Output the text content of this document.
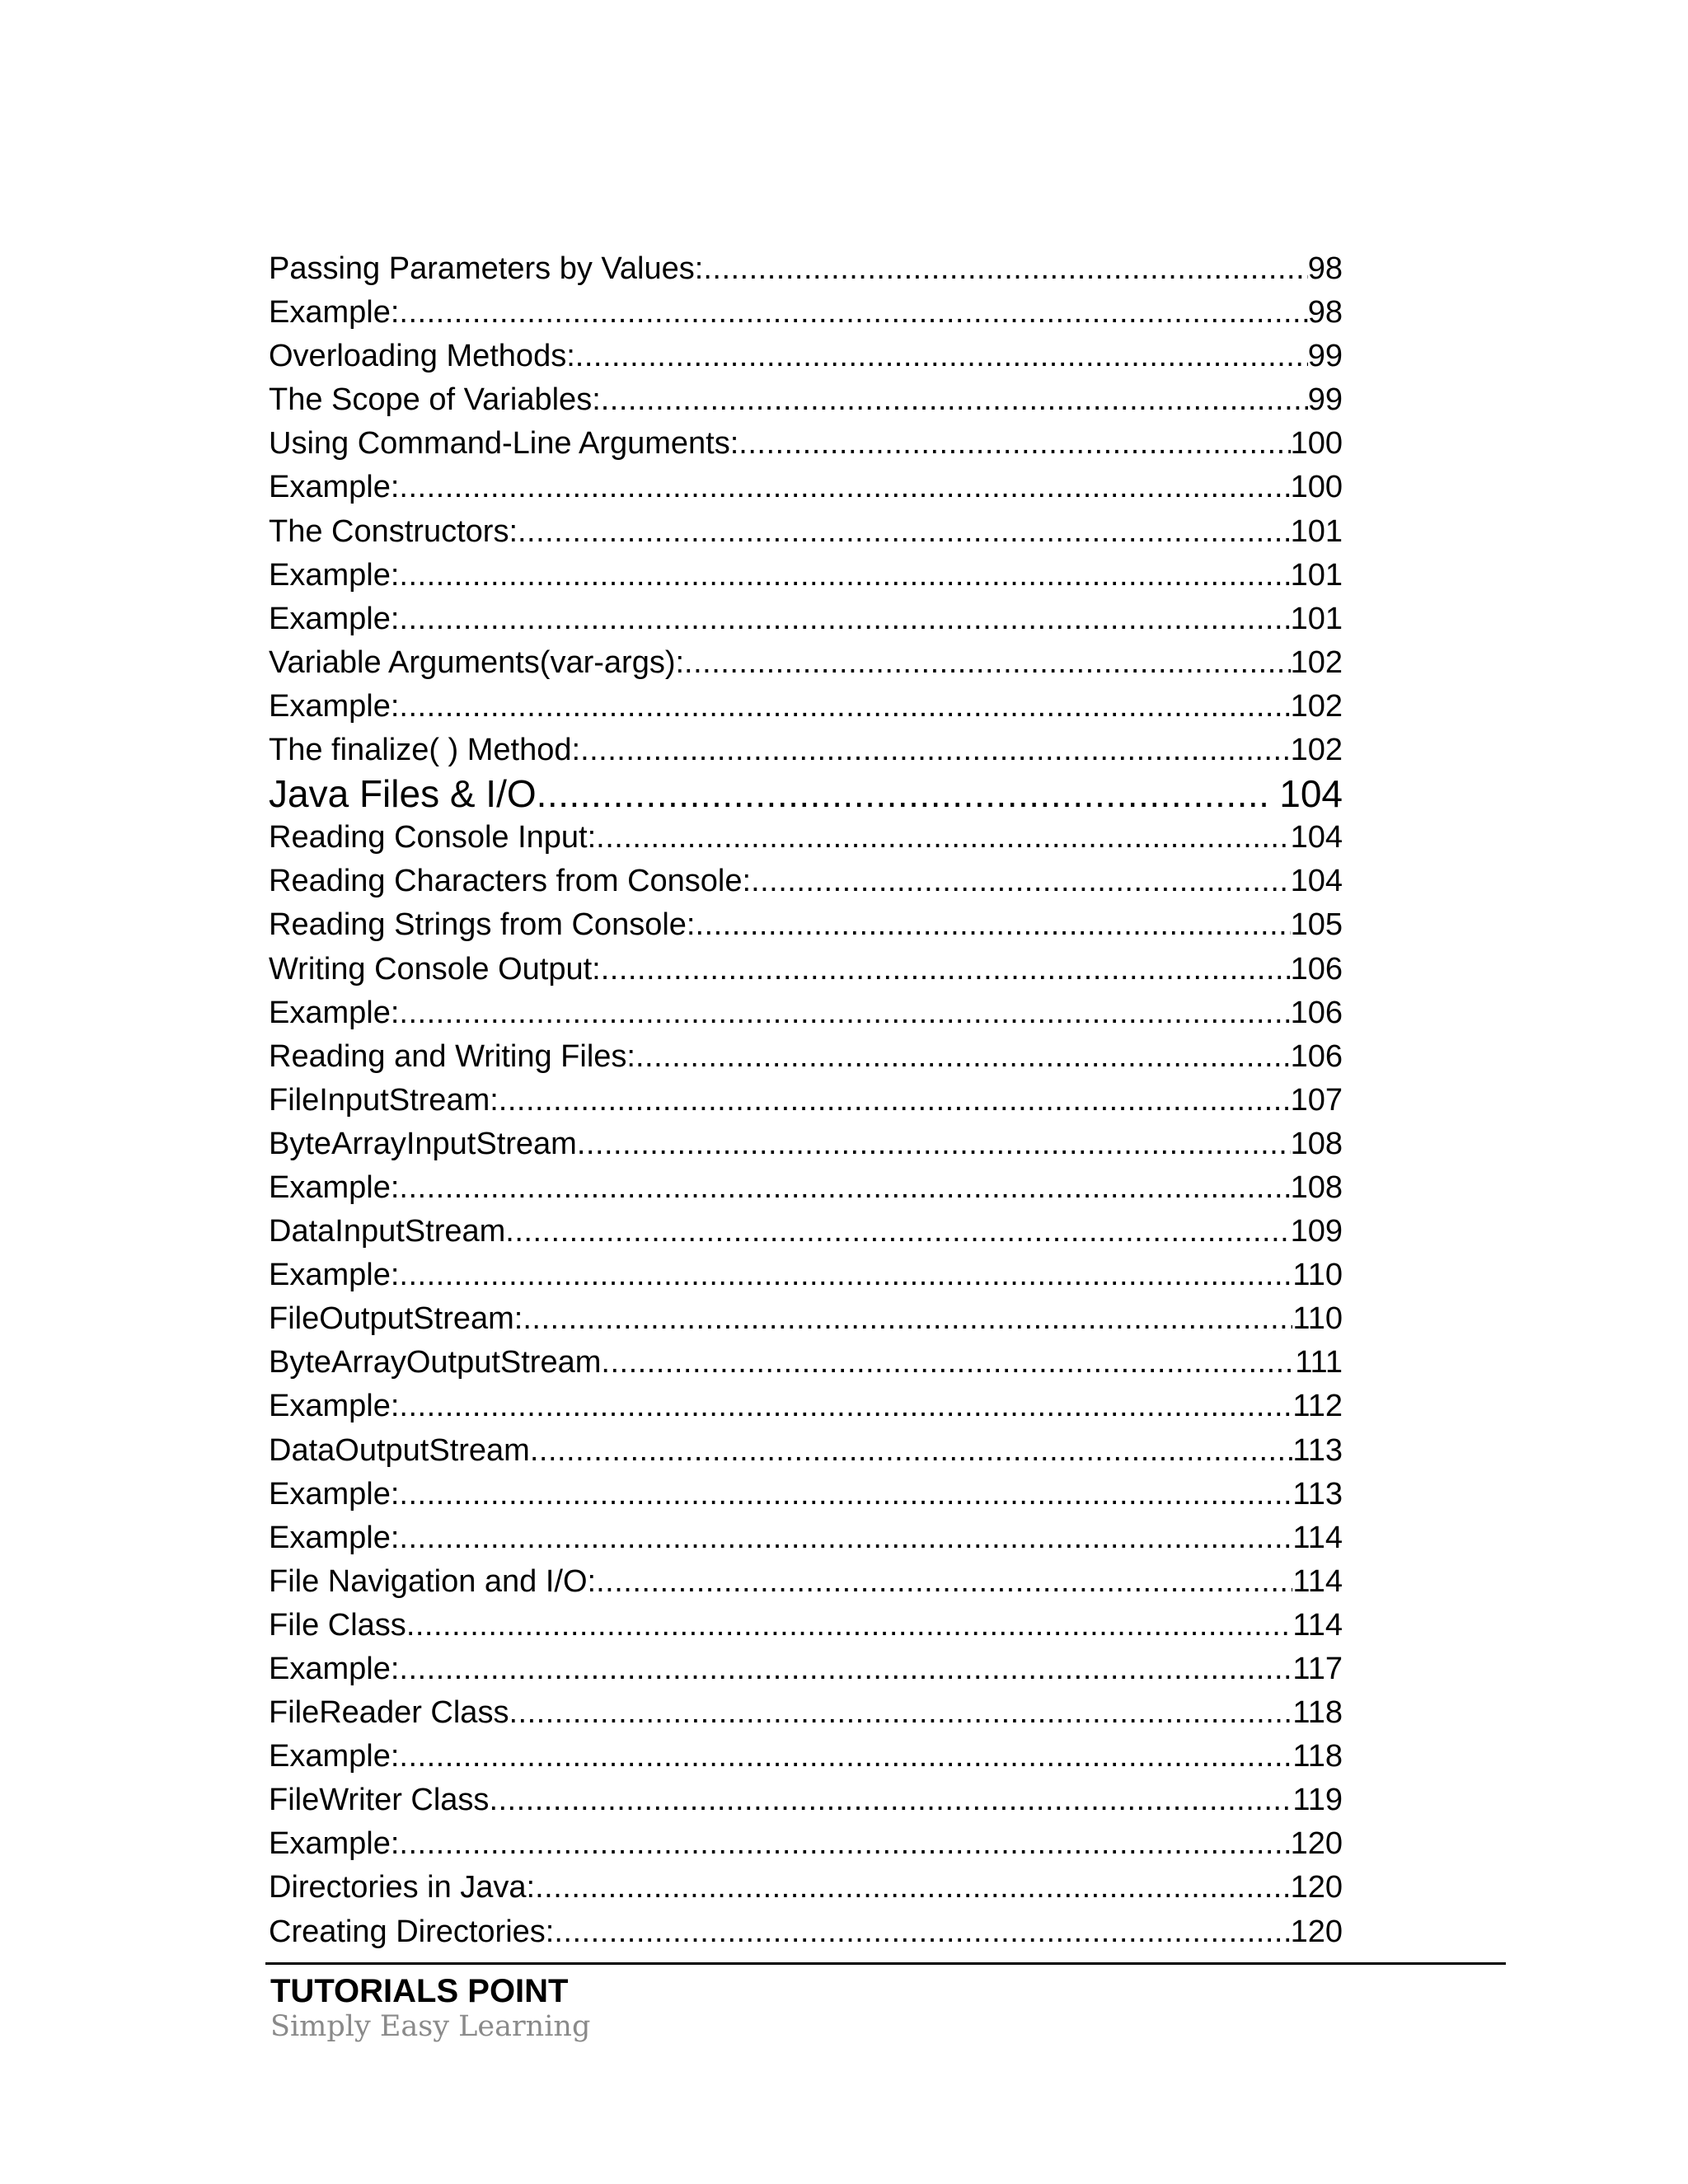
Passing Parameters by Values: .....	98
Example: .....	98
Overloading Methods: .....	99
The Scope of Variables: .....	99
Using Command-Line Arguments: .....	100
Example: .....	100
The Constructors: .....	101
Example: .....	101
Example: .....	101
Variable Arguments(var-args): .....	102
Example: .....	102
The finalize( ) Method: .....	102
Java Files & I/O .....	104
Reading Console Input: .....	104
Reading Characters from Console: .....	104
Reading Strings from Console: .....	105
Writing Console Output: .....	106
Example: .....	106
Reading and Writing Files: .....	106
FileInputStream: .....	107
ByteArrayInputStream .....	108
Example: .....	108
DataInputStream .....	109
Example: .....	110
FileOutputStream: .....	110
ByteArrayOutputStream .....	111
Example: .....	112
DataOutputStream .....	113
Example: .....	113
Example: .....	114
File Navigation and I/O: .....	114
File Class .....	114
Example: .....	117
FileReader Class .....	118
Example: .....	118
FileWriter Class .....	119
Example: .....	120
Directories in Java: .....	120
Creating Directories: .....	120
TUTORIALS POINT
Simply Easy Learning
